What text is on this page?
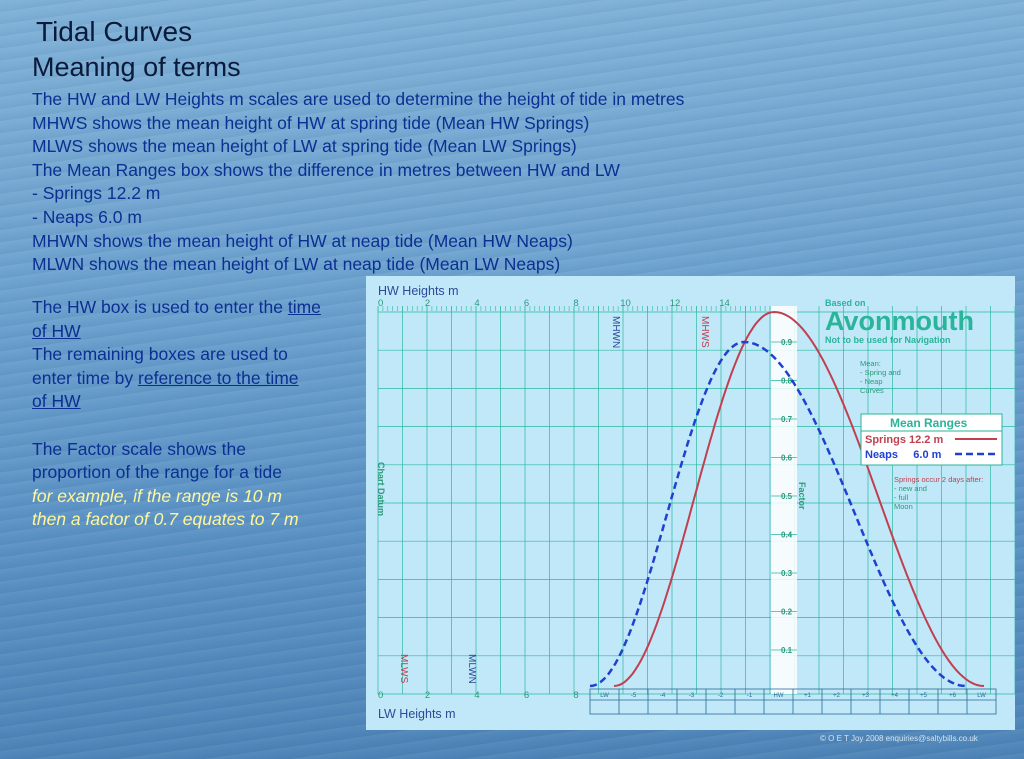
Tidal Curves
Meaning of terms
The HW and LW Heights m scales are used to determine the height of tide in metres
MHWS shows the mean height of HW at spring tide (Mean HW Springs)
MLWS shows the mean height of LW at spring tide (Mean LW Springs)
The Mean Ranges box shows the difference in metres between HW and LW
- Springs 12.2 m
- Neaps 6.0 m
MHWN shows the mean height of HW at neap tide (Mean HW Neaps)
MLWN shows the mean height of LW at neap tide (Mean LW Neaps)
The HW box is used to enter the time
of HW
The remaining boxes are used to
enter time by reference to the time
of HW
The Factor scale shows the
proportion of the range for a tide
for example, if the range is 10 m
then a factor of 0.7 equates to 7 m
0.1
0.2
0.3
0.4
0.5
0.6
0.7
0.8
0.9
HW Heights m
0	2	4	6	8	10	12	14
LW Heights m
0	2	4	6	8
Factor
Chart Datum
MHWN	MHWS
MLWS	MLWN
LW	-5	-4	-3	-2	-1	HW	+1	+2	+3	+4	+5	+6	LW
Based on
Avonmouth
Not to be used for Navigation
Mean:
- Spring and
- Neap
Curves
Mean Ranges
Springs 12.2 m
Neaps     6.0 m
Springs occur 2 days after:
- new and
- full
Moon
© O E T Joy 2008 enquiries@saltybills.co.uk
